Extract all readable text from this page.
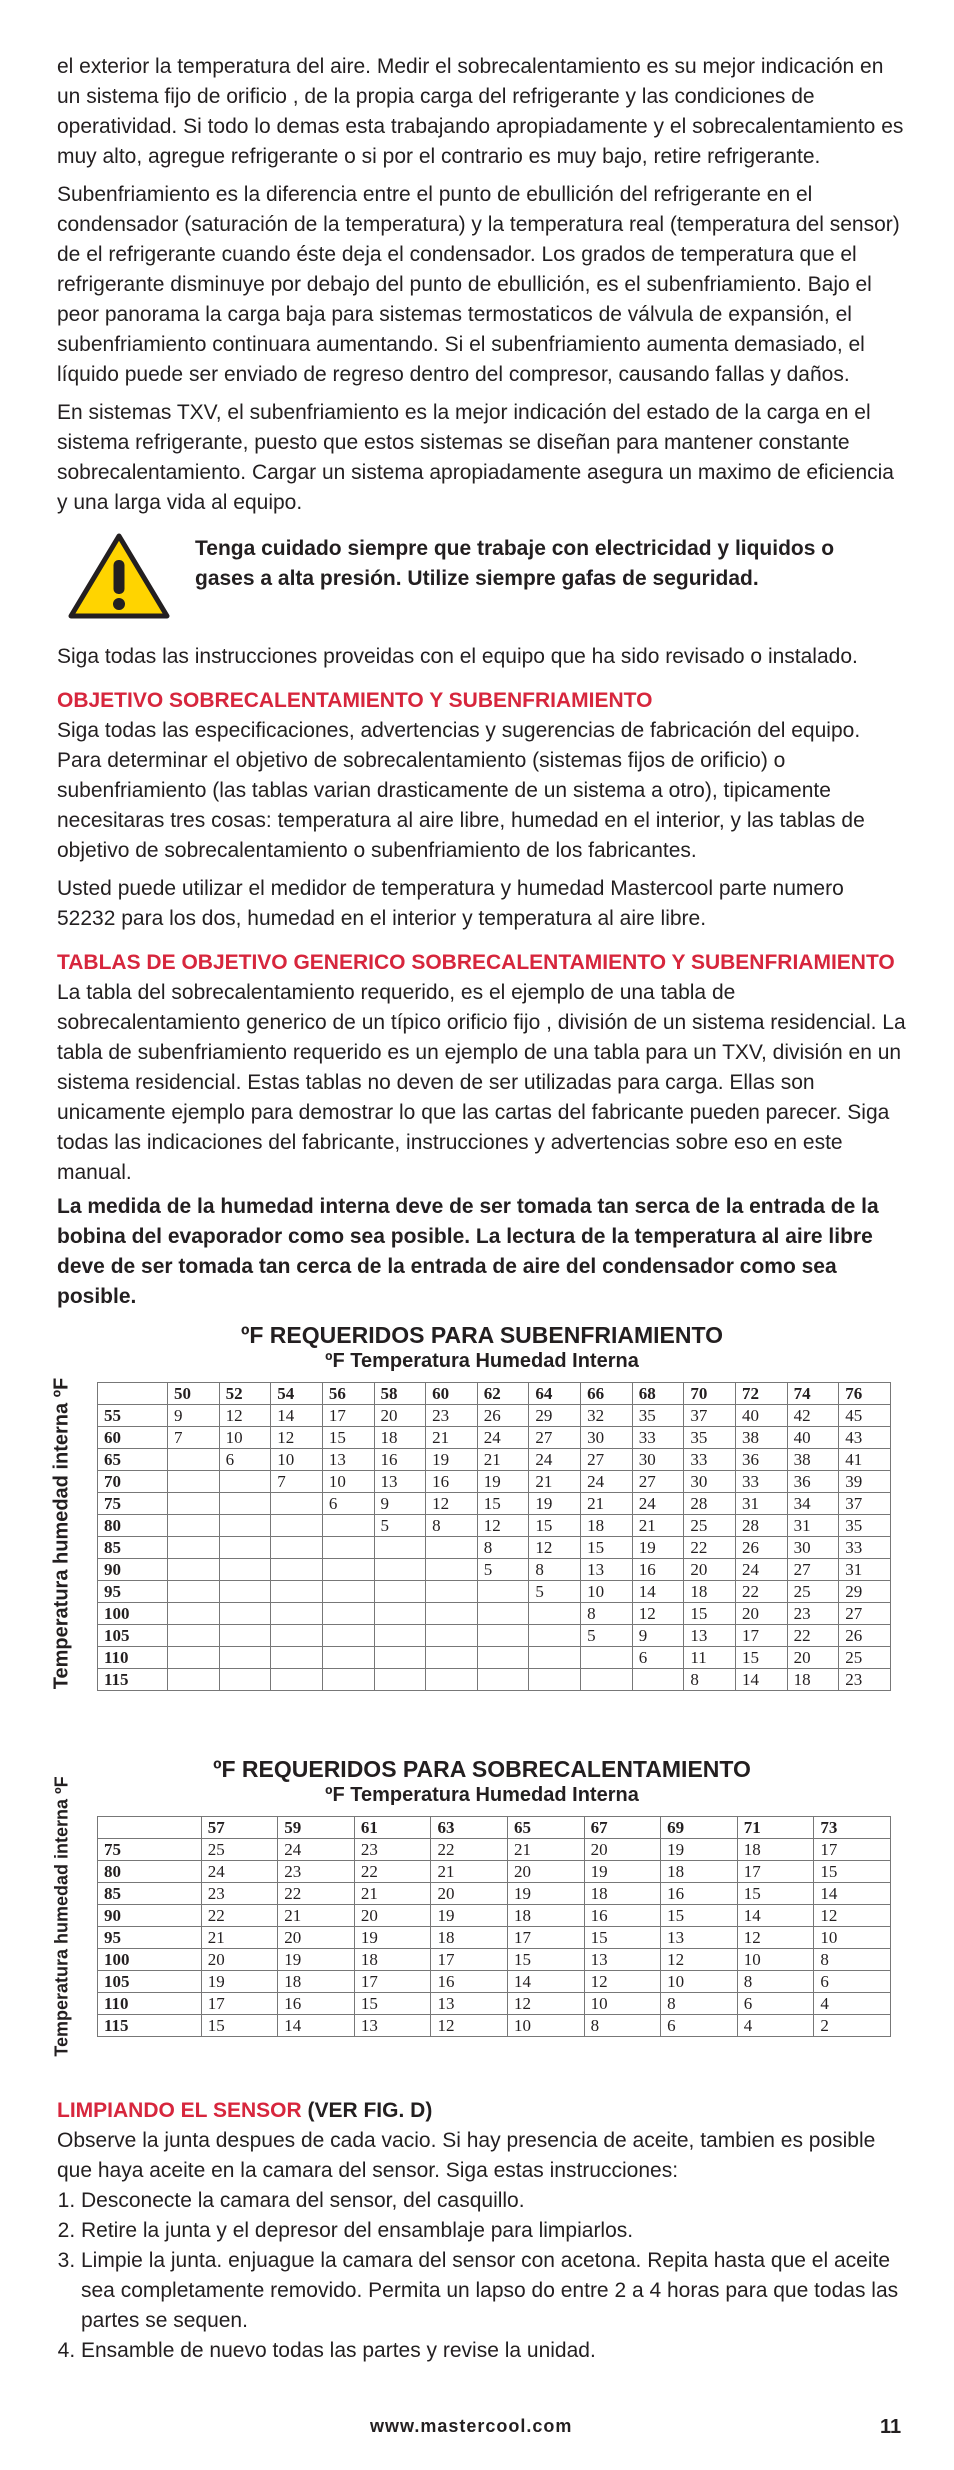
el exterior la temperatura del aire. Medir el sobrecalentamiento es su mejor indicación en un sistema fijo de orificio , de la propia carga del refrigerante y las condiciones de operatividad. Si todo lo demas esta trabajando apropiadamente y el sobrecalentamiento es muy alto, agregue refrigerante o si por el contrario es muy bajo, retire refrigerante.

Subenfriamiento es la diferencia entre el punto de ebullición del refrigerante en el condensador (saturación de la temperatura) y la temperatura real (temperatura del sensor) de el refrigerante cuando éste deja el condensador. Los grados de temperatura que el refrigerante disminuye por debajo del punto de ebullición, es el subenfriamiento. Bajo el peor panorama la carga baja para sistemas termostaticos de válvula de expansión, el subenfriamiento continuara aumentando. Si el subenfriamiento aumenta demasiado, el líquido puede ser enviado de regreso dentro del compresor, causando fallas y daños.

En sistemas TXV, el subenfriamiento es la mejor indicación del estado de la carga en el sistema refrigerante, puesto que estos sistemas se diseñan para mantener constante sobrecalentamiento. Cargar un sistema apropiadamente asegura un maximo de eficiencia y una larga vida al equipo.

Tenga cuidado siempre que trabaje con electricidad y liquidos o gases a alta presión. Utilize siempre gafas de seguridad.

Siga todas las instrucciones proveidas con el equipo que ha sido revisado o instalado.

OBJETIVO SOBRECALENTAMIENTO Y SUBENFRIAMIENTO

Siga todas las especificaciones, advertencias y sugerencias de fabricación del equipo. Para determinar el objetivo de sobrecalentamiento (sistemas fijos de orificio) o subenfriamiento (las tablas varian drasticamente de un sistema a otro), tipicamente necesitaras tres cosas: temperatura al aire libre, humedad en el interior, y las tablas de objetivo de sobrecalentamiento o subenfriamiento de los fabricantes.

Usted puede utilizar el medidor de temperatura y humedad Mastercool parte numero 52232 para los dos, humedad en el interior y temperatura al aire libre.

TABLAS DE OBJETIVO GENERICO SOBRECALENTAMIENTO Y SUBENFRIAMIENTO

La tabla del sobrecalentamiento requerido, es el ejemplo de una tabla de sobrecalentamiento generico de un típico orificio fijo , división de un sistema residencial. La tabla de subenfriamiento requerido es un ejemplo de una tabla para un TXV, división en un sistema residencial. Estas tablas no deven de ser utilizadas para carga. Ellas son unicamente ejemplo para demostrar lo que las cartas del fabricante pueden parecer. Siga todas las indicaciones del fabricante, instrucciones y advertencias sobre eso en este manual.

La medida de la humedad interna deve de ser tomada tan serca de la entrada de la bobina del evaporador como sea posible. La lectura de la temperatura al aire libre deve de ser tomada tan cerca de la entrada de aire del condensador como sea posible.

ºF REQUERIDOS PARA SUBENFRIAMIENTO
ºF Temperatura Humedad Interna
Temperatura humedad interna ºF
		50	52	54	56	58	60	62	64	66	68	70	72	74	76
55	9	12	14	17	20	23	26	29	32	35	37	40	42	45
60	7	10	12	15	18	21	24	27	30	33	35	38	40	43
65		6	10	13	16	19	21	24	27	30	33	36	38	41
70			7	10	13	16	19	21	24	27	30	33	36	39
75				6	9	12	15	19	21	24	28	31	34	37
80					5	8	12	15	18	21	25	28	31	35
85							8	12	15	19	22	26	30	33
90							5	8	13	16	20	24	27	31
95								5	10	14	18	22	25	29
100									8	12	15	20	23	27
105									5	9	13	17	22	26
110										6	11	15	20	25
115											8	14	18	23
ºF REQUERIDOS PARA SOBRECALENTAMIENTO
ºF Temperatura Humedad Interna
Temperatura humedad interna ºF
		57	59	61	63	65	67	69	71	73
75	25	24	23	22	21	20	19	18	17
80	24	23	22	21	20	19	18	17	15
85	23	22	21	20	19	18	16	15	14
90	22	21	20	19	18	16	15	14	12
95	21	20	19	18	17	15	13	12	10
100	20	19	18	17	15	13	12	10	8
105	19	18	17	16	14	12	10	8	6
110	17	16	15	13	12	10	8	6	4
115	15	14	13	12	10	8	6	4	2
LIMPIANDO EL SENSOR (VER FIG. D)

Observe la junta despues de cada vacio. Si hay presencia de aceite, tambien es posible que haya aceite en la camara del sensor. Siga estas instrucciones:

1. Desconecte la camara del sensor, del casquillo.
2. Retire la junta y el depresor del ensamblaje para limpiarlos.
3. Limpie la junta. enjuague la camara del sensor con acetona. Repita hasta que el aceite sea completamente removido. Permita un lapso do entre 2 a 4 horas para que todas las partes se sequen.
4. Ensamble de nuevo todas las partes y revise la unidad.
www.mastercool.com	11
